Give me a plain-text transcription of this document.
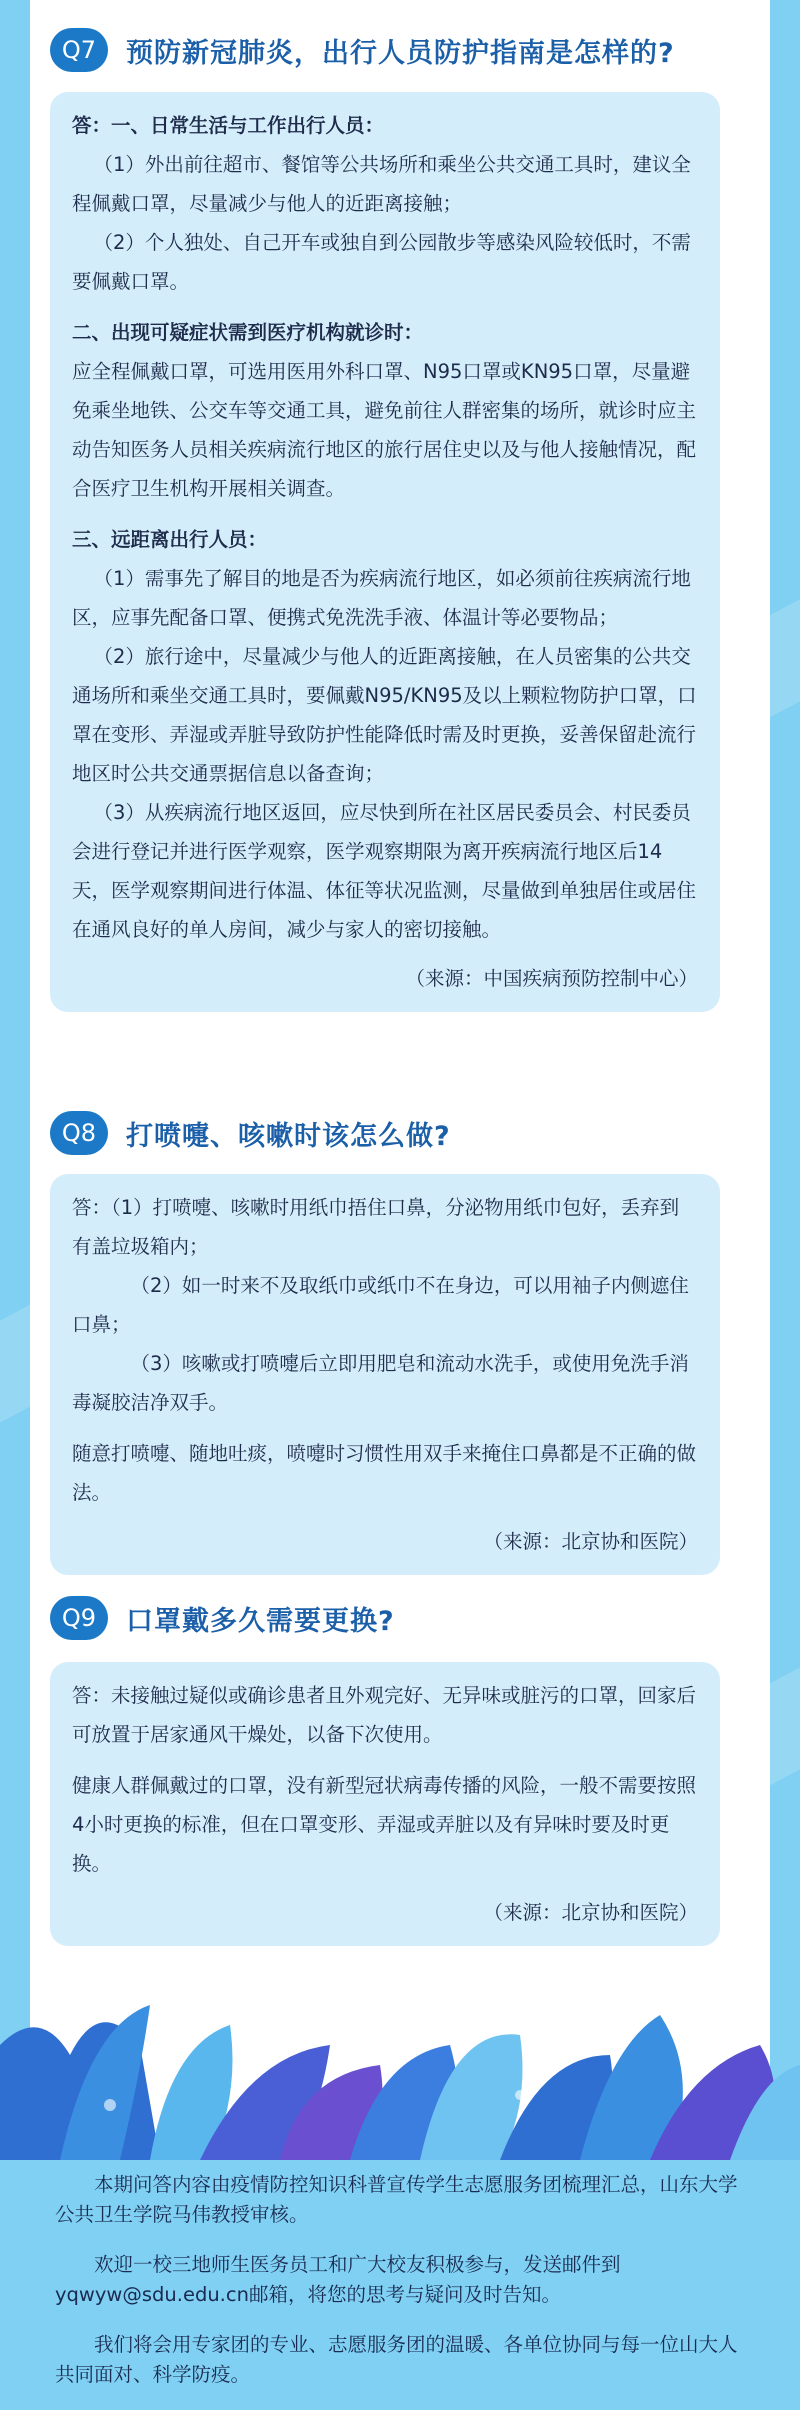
Q7	预防新冠肺炎，出行人员防护指南是怎样的?

答：一、日常生活与工作出行人员：

（1）外出前往超市、餐馆等公共场所和乘坐公共交通工具时，建议全程佩戴口罩，尽量减少与他人的近距离接触；

（2）个人独处、自己开车或独自到公园散步等感染风险较低时，不需要佩戴口罩。

二、出现可疑症状需到医疗机构就诊时：

应全程佩戴口罩，可选用医用外科口罩、N95口罩或KN95口罩，尽量避免乘坐地铁、公交车等交通工具，避免前往人群密集的场所，就诊时应主动告知医务人员相关疾病流行地区的旅行居住史以及与他人接触情况，配合医疗卫生机构开展相关调查。

三、远距离出行人员：

（1）需事先了解目的地是否为疾病流行地区，如必须前往疾病流行地区，应事先配备口罩、便携式免洗洗手液、体温计等必要物品；

（2）旅行途中，尽量减少与他人的近距离接触，在人员密集的公共交通场所和乘坐交通工具时，要佩戴N95/KN95及以上颗粒物防护口罩，口罩在变形、弄湿或弄脏导致防护性能降低时需及时更换，妥善保留赴流行地区时公共交通票据信息以备查询；

（3）从疾病流行地区返回，应尽快到所在社区居民委员会、村民委员会进行登记并进行医学观察，医学观察期限为离开疾病流行地区后14天，医学观察期间进行体温、体征等状况监测，尽量做到单独居住或居住在通风良好的单人房间，减少与家人的密切接触。

（来源：中国疾病预防控制中心）

Q8	打喷嚏、咳嗽时该怎么做?

答：（1）打喷嚏、咳嗽时用纸巾捂住口鼻，分泌物用纸巾包好，丢弃到有盖垃圾箱内；

（2）如一时来不及取纸巾或纸巾不在身边，可以用袖子内侧遮住口鼻；

（3）咳嗽或打喷嚏后立即用肥皂和流动水洗手，或使用免洗手消毒凝胶洁净双手。

随意打喷嚏、随地吐痰，喷嚏时习惯性用双手来掩住口鼻都是不正确的做法。

（来源：北京协和医院）

Q9	口罩戴多久需要更换?

答：未接触过疑似或确诊患者且外观完好、无异味或脏污的口罩，回家后可放置于居家通风干燥处，以备下次使用。

健康人群佩戴过的口罩，没有新型冠状病毒传播的风险，一般不需要按照4小时更换的标准，但在口罩变形、弄湿或弄脏以及有异味时要及时更换。

（来源：北京协和医院）

本期问答内容由疫情防控知识科普宣传学生志愿服务团梳理汇总，山东大学公共卫生学院马伟教授审核。

欢迎一校三地师生医务员工和广大校友积极参与，发送邮件到yqwyw@sdu.edu.cn邮箱，将您的思考与疑问及时告知。

我们将会用专家团的专业、志愿服务团的温暖、各单位协同与每一位山大人共同面对、科学防疫。
